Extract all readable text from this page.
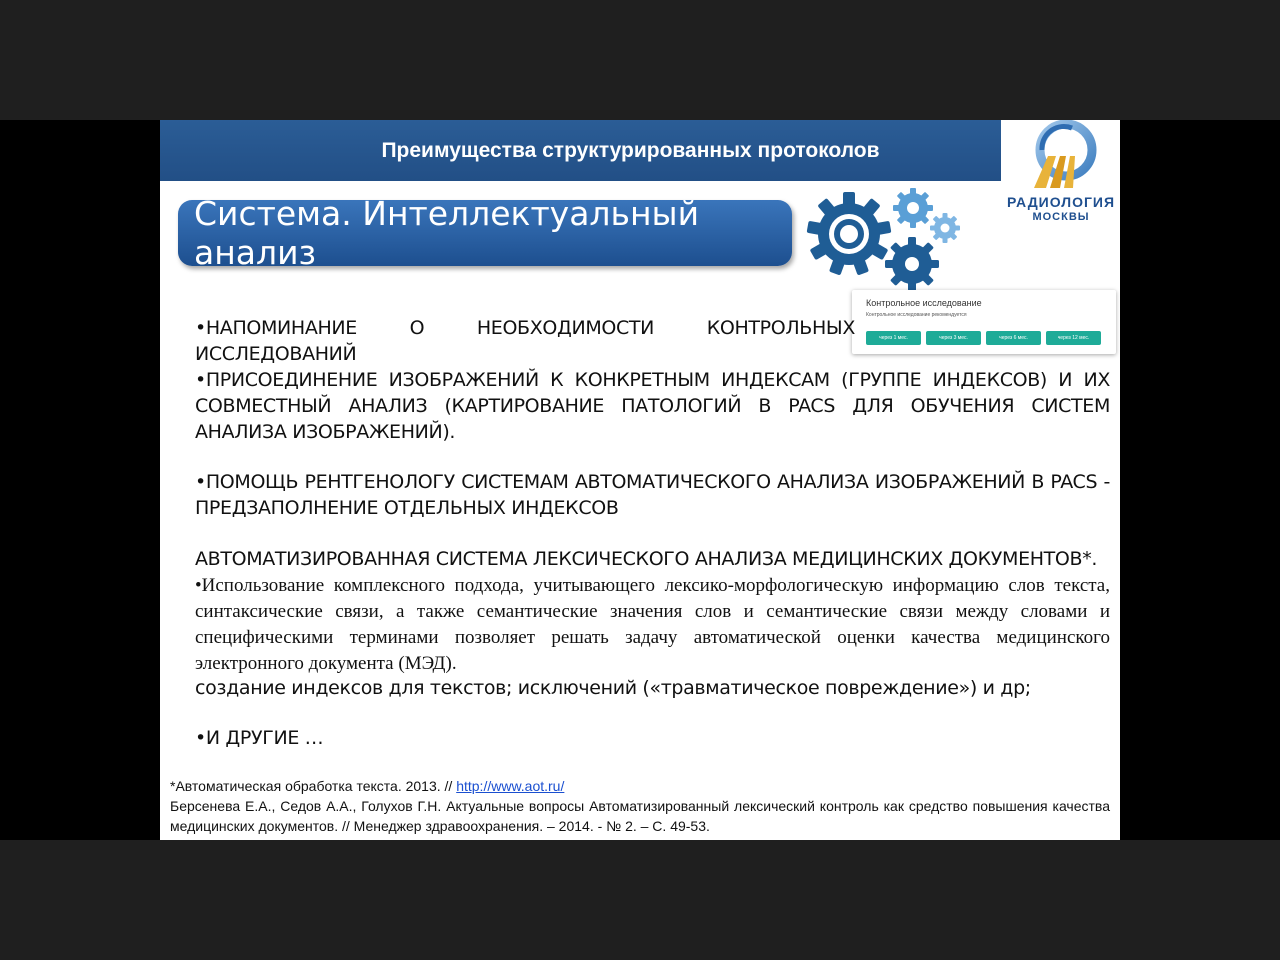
Преимущества структурированных протоколов
РАДИОЛОГИЯ
МОСКВЫ
Система. Интеллектуальный анализ
Контрольное исследование
Контрольное исследование рекомендуется
через 1 мес.	через 3 мес.	через 6 мес.	через 12 мес.
•НАПОМИНАНИЕ О НЕОБХОДИМОСТИ КОНТРОЛЬНЫХ ИССЛЕДОВАНИЙ
•ПРИСОЕДИНЕНИЕ ИЗОБРАЖЕНИЙ К КОНКРЕТНЫМ ИНДЕКСАМ (ГРУППЕ ИНДЕКСОВ) И ИХ СОВМЕСТНЫЙ АНАЛИЗ (КАРТИРОВАНИЕ ПАТОЛОГИЙ В PACS ДЛЯ ОБУЧЕНИЯ СИСТЕМ АНАЛИЗА ИЗОБРАЖЕНИЙ).
•ПОМОЩЬ РЕНТГЕНОЛОГУ СИСТЕМАМ АВТОМАТИЧЕСКОГО АНАЛИЗА ИЗОБРАЖЕНИЙ В PACS - ПРЕДЗАПОЛНЕНИЕ ОТДЕЛЬНЫХ ИНДЕКСОВ
АВТОМАТИЗИРОВАННАЯ СИСТЕМА ЛЕКСИЧЕСКОГО АНАЛИЗА МЕДИЦИНСКИХ ДОКУМЕНТОВ*.
•Использование комплексного подхода, учитывающего лексико-морфологическую информацию слов текста, синтаксические связи, а также семантические значения слов и семантические связи между словами и специфическими терминами позволяет решать задачу автоматической оценки качества медицинского электронного документа (МЭД).
создание индексов для текстов; исключений («травматическое повреждение») и др;
•И ДРУГИЕ …
*Автоматическая обработка текста. 2013. // http://www.aot.ru/
Берсенева Е.А., Седов А.А., Голухов Г.Н. Актуальные вопросы Автоматизированный лексический контроль как средство повышения качества медицинских документов. // Менеджер здравоохранения. – 2014. - № 2. – С. 49-53.
